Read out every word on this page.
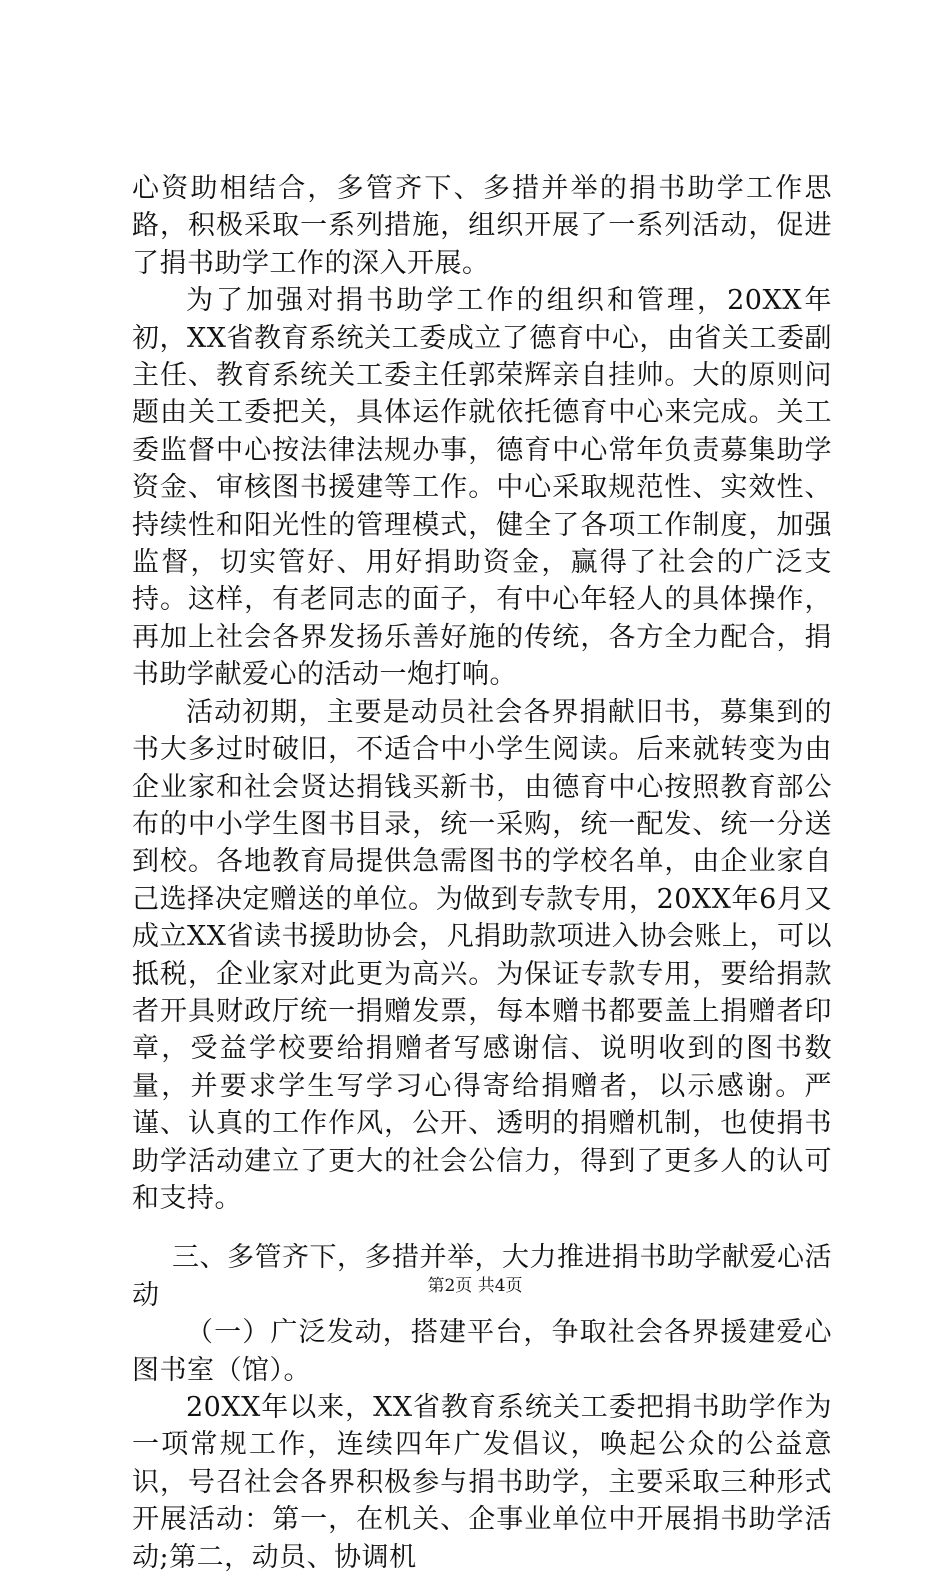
心资助相结合，多管齐下、多措并举的捐书助学工作思路，积极采取一系列措施，组织开展了一系列活动，促进了捐书助学工作的深入开展。

为了加强对捐书助学工作的组织和管理，20XX年初，XX省教育系统关工委成立了德育中心，由省关工委副主任、教育系统关工委主任郭荣辉亲自挂帅。大的原则问题由关工委把关，具体运作就依托德育中心来完成。关工委监督中心按法律法规办事，德育中心常年负责募集助学资金、审核图书援建等工作。中心采取规范性、实效性、持续性和阳光性的管理模式，健全了各项工作制度，加强监督，切实管好、用好捐助资金，赢得了社会的广泛支持。这样，有老同志的面子，有中心年轻人的具体操作，再加上社会各界发扬乐善好施的传统，各方全力配合，捐书助学献爱心的活动一炮打响。

活动初期，主要是动员社会各界捐献旧书，募集到的书大多过时破旧，不适合中小学生阅读。后来就转变为由企业家和社会贤达捐钱买新书，由德育中心按照教育部公布的中小学生图书目录，统一采购，统一配发、统一分送到校。各地教育局提供急需图书的学校名单，由企业家自己选择决定赠送的单位。为做到专款专用，20XX年6月又成立XX省读书援助协会，凡捐助款项进入协会账上，可以抵税，企业家对此更为高兴。为保证专款专用，要给捐款者开具财政厅统一捐赠发票，每本赠书都要盖上捐赠者印章，受益学校要给捐赠者写感谢信、说明收到的图书数量，并要求学生写学习心得寄给捐赠者，以示感谢。严谨、认真的工作作风，公开、透明的捐赠机制，也使捐书助学活动建立了更大的社会公信力，得到了更多人的认可和支持。

三、多管齐下，多措并举，大力推进捐书助学献爱心活动

（一）广泛发动，搭建平台，争取社会各界援建爱心图书室（馆）。

20XX年以来，XX省教育系统关工委把捐书助学作为一项常规工作，连续四年广发倡议，唤起公众的公益意识，号召社会各界积极参与捐书助学，主要采取三种形式开展活动：第一，在机关、企事业单位中开展捐书助学活动;第二，动员、协调机

第2页 共4页
